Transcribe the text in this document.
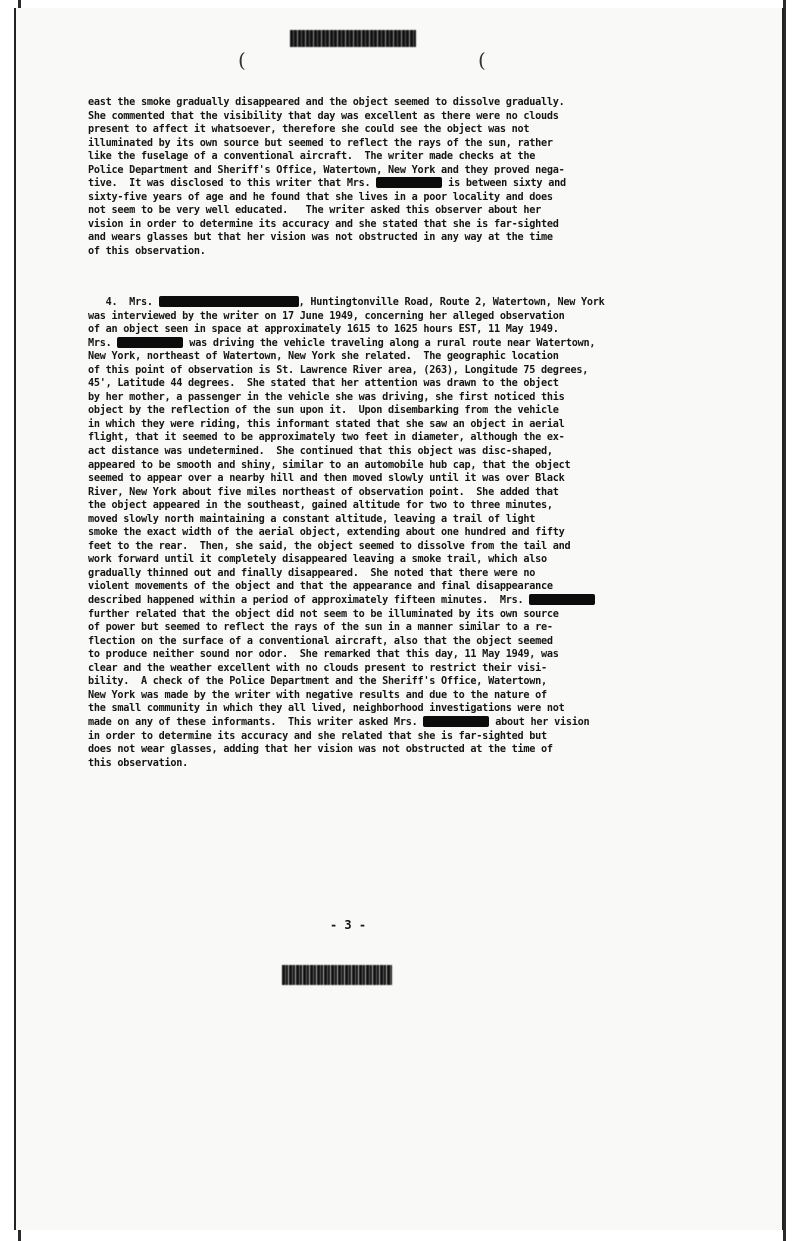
(	(
east the smoke gradually disappeared and the object seemed to dissolve gradually.
She commented that the visibility that day was excellent as there were no clouds
present to affect it whatsoever, therefore she could see the object was not
illuminated by its own source but seemed to reflect the rays of the sun, rather
like the fuselage of a conventional aircraft.  The writer made checks at the
Police Department and Sheriff's Office, Watertown, New York and they proved nega-
tive.  It was disclosed to this writer that Mrs.	is between sixty and
sixty-five years of age and he found that she lives in a poor locality and does
not seem to be very well educated.   The writer asked this observer about her
vision in order to determine its accuracy and she stated that she is far-sighted
and wears glasses but that her vision was not obstructed in any way at the time
of this observation.
4.  Mrs.	, Huntingtonville Road, Route 2, Watertown, New York
was interviewed by the writer on 17 June 1949, concerning her alleged observation
of an object seen in space at approximately 1615 to 1625 hours EST, 11 May 1949.
Mrs.	was driving the vehicle traveling along a rural route near Watertown,
New York, northeast of Watertown, New York she related.  The geographic location
of this point of observation is St. Lawrence River area, (263), Longitude 75 degrees,
45', Latitude 44 degrees.  She stated that her attention was drawn to the object
by her mother, a passenger in the vehicle she was driving, she first noticed this
object by the reflection of the sun upon it.  Upon disembarking from the vehicle
in which they were riding, this informant stated that she saw an object in aerial
flight, that it seemed to be approximately two feet in diameter, although the ex-
act distance was undetermined.  She continued that this object was disc-shaped,
appeared to be smooth and shiny, similar to an automobile hub cap, that the object
seemed to appear over a nearby hill and then moved slowly until it was over Black
River, New York about five miles northeast of observation point.  She added that
the object appeared in the southeast, gained altitude for two to three minutes,
moved slowly north maintaining a constant altitude, leaving a trail of light
smoke the exact width of the aerial object, extending about one hundred and fifty
feet to the rear.  Then, she said, the object seemed to dissolve from the tail and
work forward until it completely disappeared leaving a smoke trail, which also
gradually thinned out and finally disappeared.  She noted that there were no
violent movements of the object and that the appearance and final disappearance
described happened within a period of approximately fifteen minutes.  Mrs.
further related that the object did not seem to be illuminated by its own source
of power but seemed to reflect the rays of the sun in a manner similar to a re-
flection on the surface of a conventional aircraft, also that the object seemed
to produce neither sound nor odor.  She remarked that this day, 11 May 1949, was
clear and the weather excellent with no clouds present to restrict their visi-
bility.  A check of the Police Department and the Sheriff's Office, Watertown,
New York was made by the writer with negative results and due to the nature of
the small community in which they all lived, neighborhood investigations were not
made on any of these informants.  This writer asked Mrs.	about her vision
in order to determine its accuracy and she related that she is far-sighted but
does not wear glasses, adding that her vision was not obstructed at the time of
this observation.
- 3 -
